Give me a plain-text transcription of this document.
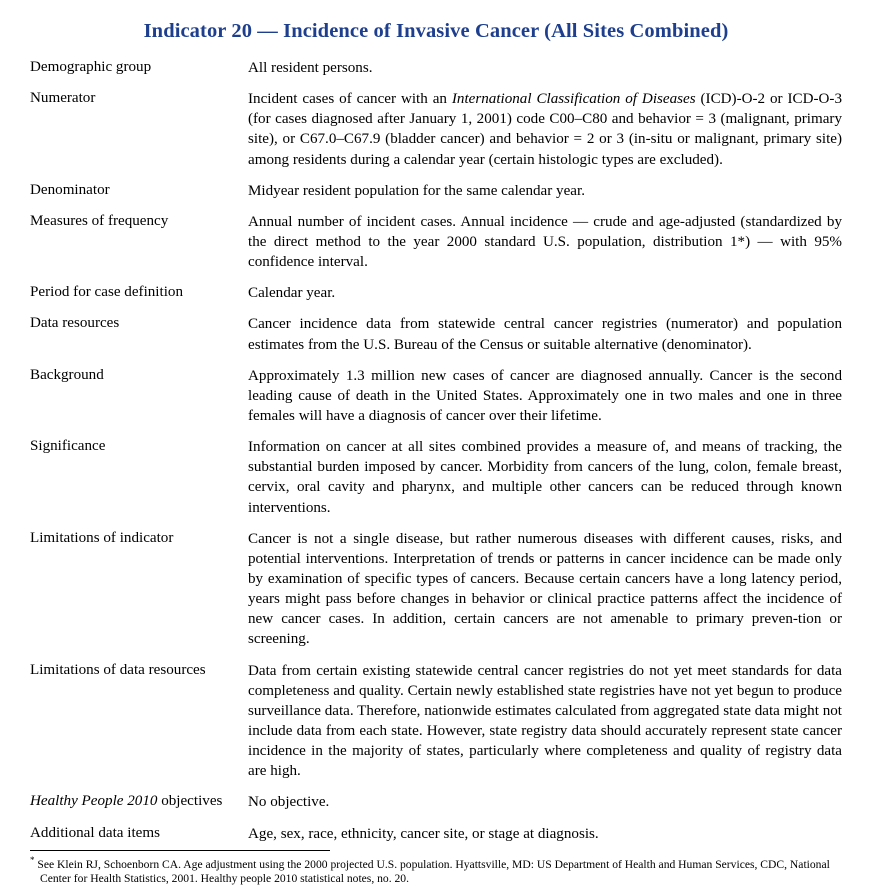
Indicator 20 — Incidence of Invasive Cancer (All Sites Combined)
Demographic group	All resident persons.
Numerator	Incident cases of cancer with an International Classification of Diseases (ICD)-O-2 or ICD-O-3 (for cases diagnosed after January 1, 2001) code C00–C80 and behavior = 3 (malignant, primary site), or C67.0–C67.9 (bladder cancer) and behavior = 2 or 3 (in-situ or malignant, primary site) among residents during a calendar year (certain histologic types are excluded).
Denominator	Midyear resident population for the same calendar year.
Measures of frequency	Annual number of incident cases. Annual incidence — crude and age-adjusted (standardized by the direct method to the year 2000 standard U.S. population, distribution 1*) — with 95% confidence interval.
Period for case definition	Calendar year.
Data resources	Cancer incidence data from statewide central cancer registries (numerator) and population estimates from the U.S. Bureau of the Census or suitable alternative (denominator).
Background	Approximately 1.3 million new cases of cancer are diagnosed annually. Cancer is the second leading cause of death in the United States. Approximately one in two males and one in three females will have a diagnosis of cancer over their lifetime.
Significance	Information on cancer at all sites combined provides a measure of, and means of tracking, the substantial burden imposed by cancer. Morbidity from cancers of the lung, colon, female breast, cervix, oral cavity and pharynx, and multiple other cancers can be reduced through known interventions.
Limitations of indicator	Cancer is not a single disease, but rather numerous diseases with different causes, risks, and potential interventions. Interpretation of trends or patterns in cancer incidence can be made only by examination of specific types of cancers. Because certain cancers have a long latency period, years might pass before changes in behavior or clinical practice patterns affect the incidence of new cancer cases. In addition, certain cancers are not amenable to primary preven-tion or screening.
Limitations of data resources	Data from certain existing statewide central cancer registries do not yet meet standards for data completeness and quality. Certain newly established state registries have not yet begun to produce surveillance data. Therefore, nationwide estimates calculated from aggregated state data might not include data from each state. However, state registry data should accurately represent state cancer incidence in the majority of states, particularly where completeness and quality of registry data are high.
Healthy People 2010 objectives	No objective.
Additional data items	Age, sex, race, ethnicity, cancer site, or stage at diagnosis.
* See Klein RJ, Schoenborn CA. Age adjustment using the 2000 projected U.S. population. Hyattsville, MD: US Department of Health and Human Services, CDC, National Center for Health Statistics, 2001. Healthy people 2010 statistical notes, no. 20.
